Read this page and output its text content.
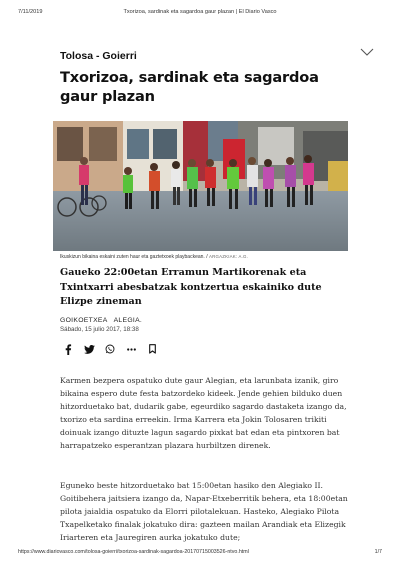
7/11/2019	Txorizoa, sardinak eta sagardoa gaur plazan | El Diario Vasco
Tolosa - Goierri
Txorizoa, sardinak eta sagardoa gaur plazan
Ikuskizun bikaina eskaini zuten haur eta gaztetxoek playbackean. / ARGAZKIAK: A.G.
Gaueko 22:00etan Erramun Martikorenak eta Txintxarri abesbatzak kontzertua eskainiko dute Elizpe zineman
GOIKOETXEA ALEGIA.
Sábado, 15 julio 2017, 18:38

Karmen bezpera ospatuko dute gaur Alegian, eta larunbata izanik, giro bikaina espero dute festa batzordeko kideek. Jende gehien bilduko duen hitzorduetako bat, dudarik gabe, egeurdiko sagardo dastaketa izango da, txorizo eta sardina erreekin. Irma Karrera eta Jokin Tolosaren trikiti doinuak izango dituzte lagun sagardo pixkat bat edan eta pintxoren bat harrapatzeko esperantzan plazara hurbiltzen direnek.

Eguneko beste hitzorduetako bat 15:00etan hasiko den Alegiako II. Goitibehera jaitsiera izango da, Napar-Etxeberritik behera, eta 18:00etan pilota jaialdia ospatuko da Elorri pilotalekuan. Hasteko, Alegiako Pilota Txapelketako finalak jokatuko dira: gazteen mailan Arandiak eta Elizegik Iriarteren eta Jauregiren aurka jokatuko dute;

https://www.diariovasco.com/tolosa-goierri/txorizoa-sardinak-sagardoa-20170715003526-ntvo.html	1/7
